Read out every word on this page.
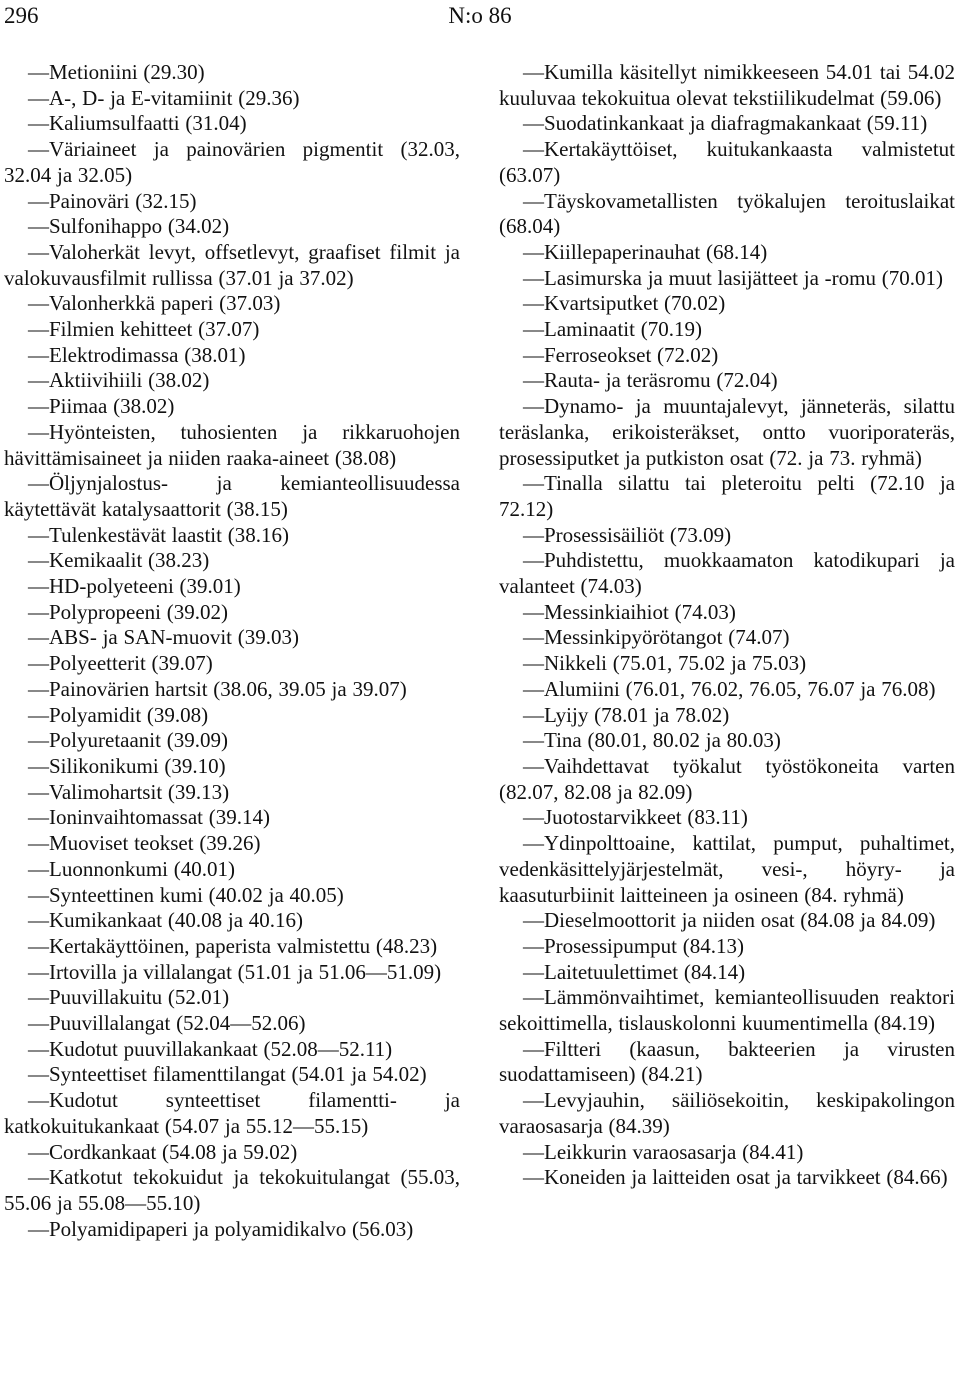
296	N:o 86
—Metioniini (29.30)
—A-, D- ja E-vitamiinit (29.36)
—Kaliumsulfaatti (31.04)
—Väriaineet ja painovärien pigmentit (32.03, 32.04 ja 32.05)
—Painoväri (32.15)
—Sulfonihappo (34.02)
—Valoherkät levyt, offsetlevyt, graafiset filmit ja valokuvausfilmit rullissa (37.01 ja 37.02)
—Valonherkkä paperi (37.03)
—Filmien kehitteet (37.07)
—Elektrodimassa (38.01)
—Aktiivihiili (38.02)
—Piimaa (38.02)
—Hyönteisten, tuhosienten ja rikkaruohojen hävittämisaineet ja niiden raaka-aineet (38.08)
—Öljynjalostus- ja kemianteollisuudessa käytettävät katalysaattorit (38.15)
—Tulenkestävät laastit (38.16)
—Kemikaalit (38.23)
—HD-polyeteeni (39.01)
—Polypropeeni (39.02)
—ABS- ja SAN-muovit (39.03)
—Polyeetterit (39.07)
—Painovärien hartsit (38.06, 39.05 ja 39.07)
—Polyamidit (39.08)
—Polyuretaanit (39.09)
—Silikonikumi (39.10)
—Valimohartsit (39.13)
—Ioninvaihtomassat (39.14)
—Muoviset teokset (39.26)
—Luonnonkumi (40.01)
—Synteettinen kumi (40.02 ja 40.05)
—Kumikankaat (40.08 ja 40.16)
—Kertakäyttöinen, paperista valmistettu (48.23)
—Irtovilla ja villalangat (51.01 ja 51.06—51.09)
—Puuvillakuitu (52.01)
—Puuvillalangat (52.04—52.06)
—Kudotut puuvillakankaat (52.08—52.11)
—Synteettiset filamenttilangat (54.01 ja 54.02)
—Kudotut synteettiset filamentti- ja katkokuitukankaat (54.07 ja 55.12—55.15)
—Cordkankaat (54.08 ja 59.02)
—Katkotut tekokuidut ja tekokuitulangat (55.03, 55.06 ja 55.08—55.10)
—Polyamidipaperi ja polyamidikalvo (56.03)
—Kumilla käsitellyt nimikkeeseen 54.01 tai 54.02 kuuluvaa tekokuitua olevat tekstiilikudelmat (59.06)
—Suodatinkankaat ja diafragmakankaat (59.11)
—Kertakäyttöiset, kuitukankaasta valmistetut (63.07)
—Täyskovametallisten työkalujen teroituslaikat (68.04)
—Kiillepaperinauhat (68.14)
—Lasimurska ja muut lasijätteet ja -romu (70.01)
—Kvartsiputket (70.02)
—Laminaatit (70.19)
—Ferroseokset (72.02)
—Rauta- ja teräsromu (72.04)
—Dynamo- ja muuntajalevyt, jänneteräs, silattu teräslanka, erikoisteräkset, ontto vuoriporateräs, prosessiputket ja putkiston osat (72. ja 73. ryhmä)
—Tinalla silattu tai pleteroitu pelti (72.10 ja 72.12)
—Prosessisäiliöt (73.09)
—Puhdistettu, muokkaamaton katodikupari ja valanteet (74.03)
—Messinkiaihiot (74.03)
—Messinkipyörötangot (74.07)
—Nikkeli (75.01, 75.02 ja 75.03)
—Alumiini (76.01, 76.02, 76.05, 76.07 ja 76.08)
—Lyijy (78.01 ja 78.02)
—Tina (80.01, 80.02 ja 80.03)
—Vaihdettavat työkalut työstökoneita varten (82.07, 82.08 ja 82.09)
—Juotostarvikkeet (83.11)
—Ydinpolttoaine, kattilat, pumput, puhaltimet, vedenkäsittelyjärjestelmät, vesi-, höyry- ja kaasuturbiinit laitteineen ja osineen (84. ryhmä)
—Dieselmoottorit ja niiden osat (84.08 ja 84.09)
—Prosessipumput (84.13)
—Laitetuulettimet (84.14)
—Lämmönvaihtimet, kemianteollisuuden reaktori sekoittimella, tislauskolonni kuumentimella (84.19)
—Filtteri (kaasun, bakteerien ja virusten suodattamiseen) (84.21)
—Levyjauhin, säiliösekoitin, keskipakolingon varaosasarja (84.39)
—Leikkurin varaosasarja (84.41)
—Koneiden ja laitteiden osat ja tarvikkeet (84.66)
